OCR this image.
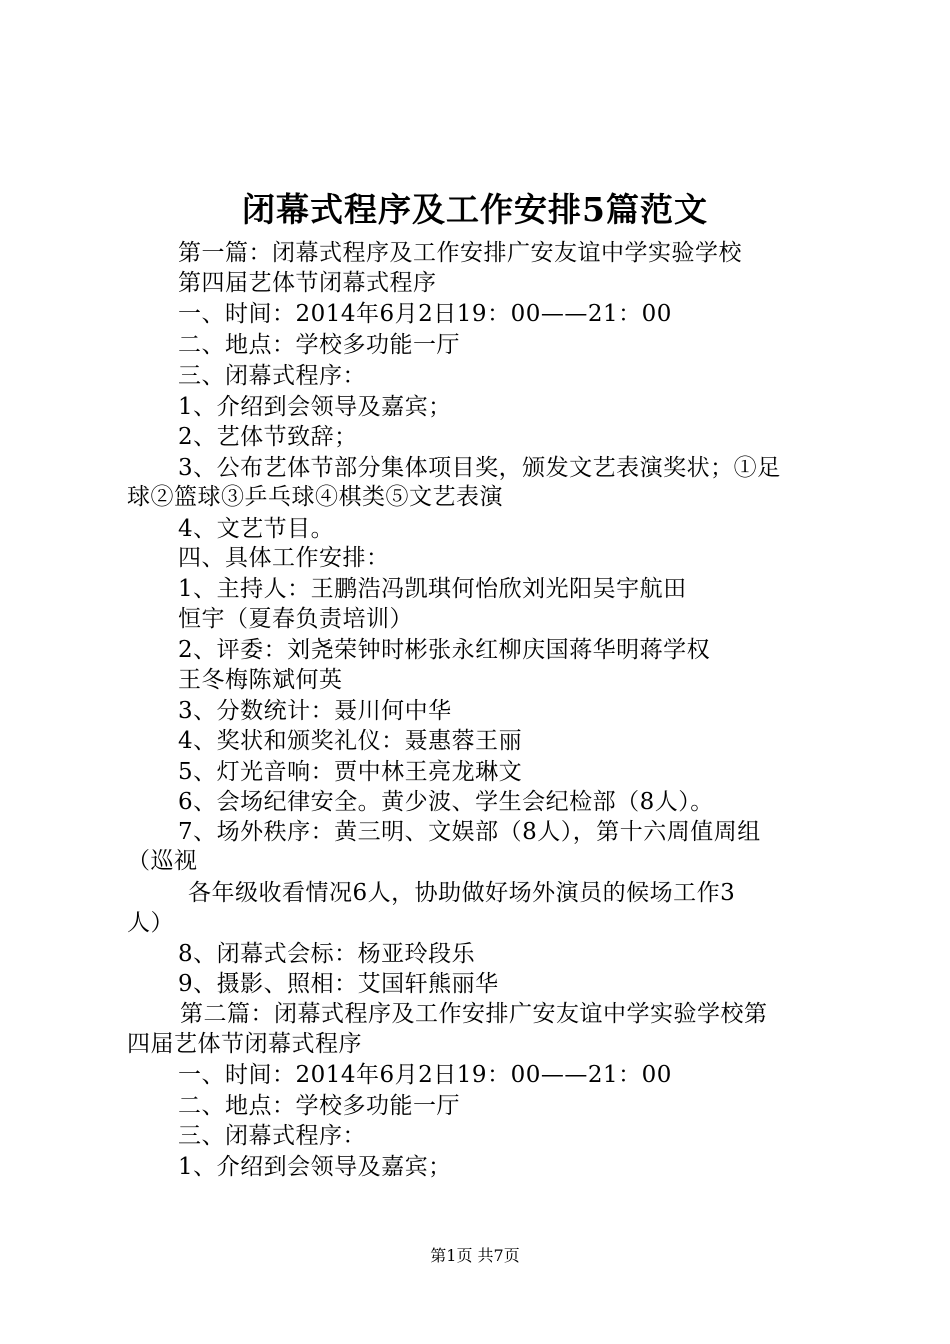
闭幕式程序及工作安排5篇范文
第一篇：闭幕式程序及工作安排广安友谊中学实验学校
第四届艺体节闭幕式程序
一、时间：2014年6月2日19：00——21：00
二、地点：学校多功能一厅
三、闭幕式程序：
1、介绍到会领导及嘉宾；
2、艺体节致辞；
3、公布艺体节部分集体项目奖，颁发文艺表演奖状；①足
球②篮球③乒乓球④棋类⑤文艺表演
4、文艺节目。
四、具体工作安排：
1、主持人：王鹏浩冯凯琪何怡欣刘光阳吴宇航田
恒宇（夏春负责培训）
2、评委：刘尧荣钟时彬张永红柳庆国蒋华明蒋学权
王冬梅陈斌何英
3、分数统计：聂川何中华
4、奖状和颁奖礼仪：聂惠蓉王丽
5、灯光音响：贾中林王亮龙琳文
6、会场纪律安全。黄少波、学生会纪检部（8人）。
7、场外秩序：黄三明、文娱部（8人），第十六周值周组
（巡视
各年级收看情况6人，协助做好场外演员的候场工作3
人）
8、闭幕式会标：杨亚玲段乐
9、摄影、照相：艾国轩熊丽华
第二篇：闭幕式程序及工作安排广安友谊中学实验学校第
四届艺体节闭幕式程序
一、时间：2014年6月2日19：00——21：00
二、地点：学校多功能一厅
三、闭幕式程序：
1、介绍到会领导及嘉宾；
第1页 共7页
